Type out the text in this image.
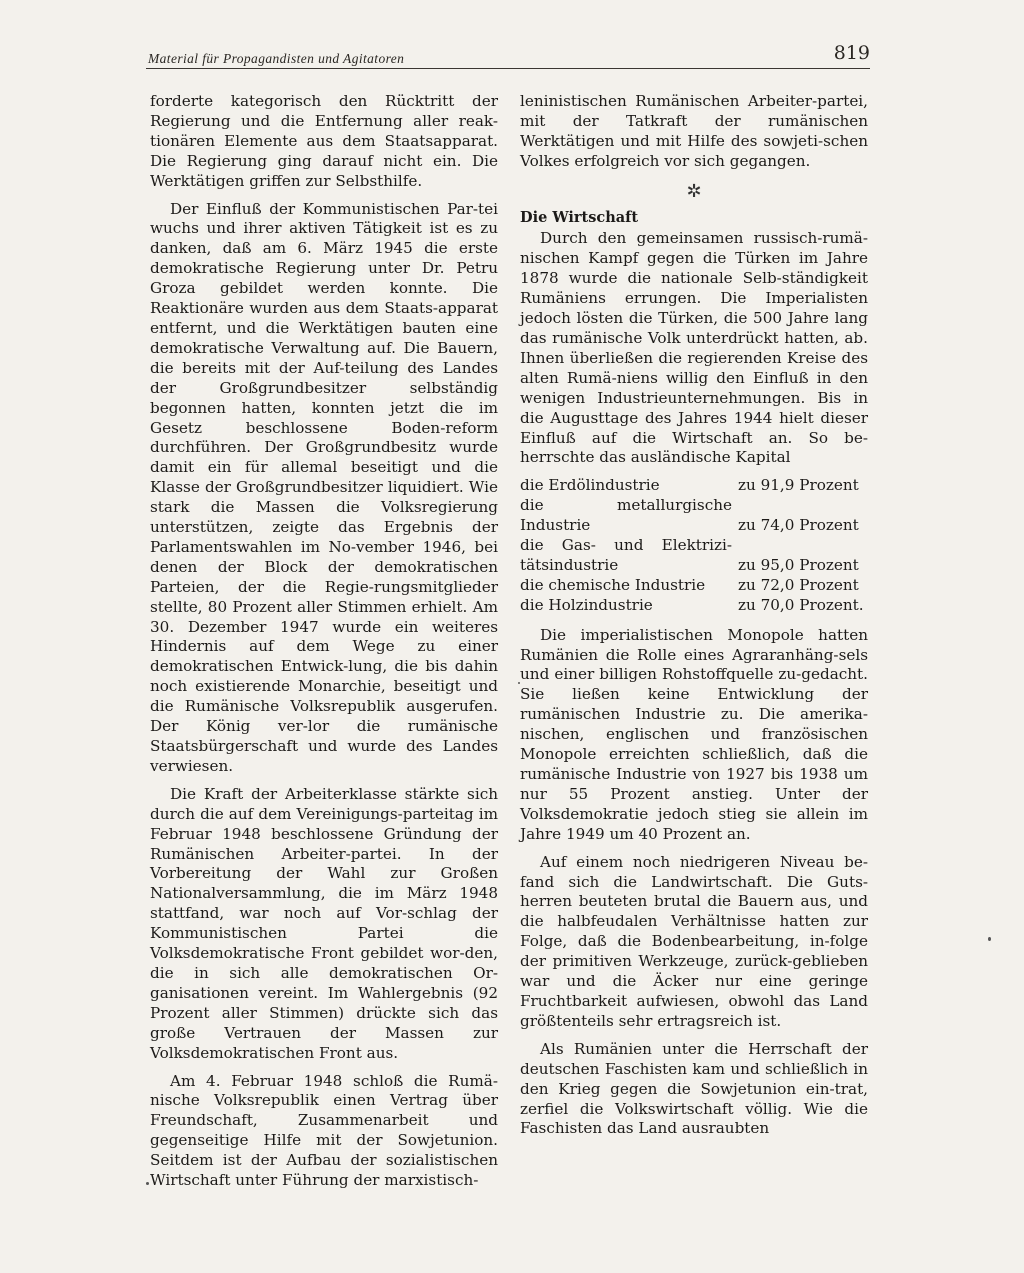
Material für Propagandisten und Agitatoren	819

forderte kategorisch den Rücktritt der Regierung und die Entfernung aller reak-tionären Elemente aus dem Staatsapparat. Die Regierung ging darauf nicht ein. Die Werktätigen griffen zur Selbsthilfe.

Der Einfluß der Kommunistischen Par-tei wuchs und ihrer aktiven Tätigkeit ist es zu danken, daß am 6. März 1945 die erste demokratische Regierung unter Dr. Petru Groza gebildet werden konnte. Die Reaktionäre wurden aus dem Staats-apparat entfernt, und die Werktätigen bauten eine demokratische Verwaltung auf. Die Bauern, die bereits mit der Auf-teilung des Landes der Großgrundbesitzer selbständig begonnen hatten, konnten jetzt die im Gesetz beschlossene Boden-reform durchführen. Der Großgrundbesitz wurde damit ein für allemal beseitigt und die Klasse der Großgrundbesitzer liquidiert. Wie stark die Massen die Volksregierung unterstützen, zeigte das Ergebnis der Parlamentswahlen im No-vember 1946, bei denen der Block der demokratischen Parteien, der die Regie-rungsmitglieder stellte, 80 Prozent aller Stimmen erhielt. Am 30. Dezember 1947 wurde ein weiteres Hindernis auf dem Wege zu einer demokratischen Entwick-lung, die bis dahin noch existierende Monarchie, beseitigt und die Rumänische Volksrepublik ausgerufen. Der König ver-lor die rumänische Staatsbürgerschaft und wurde des Landes verwiesen.

Die Kraft der Arbeiterklasse stärkte sich durch die auf dem Vereinigungs-parteitag im Februar 1948 beschlossene Gründung der Rumänischen Arbeiter-partei. In der Vorbereitung der Wahl zur Großen Nationalversammlung, die im März 1948 stattfand, war noch auf Vor-schlag der Kommunistischen Partei die Volksdemokratische Front gebildet wor-den, die in sich alle demokratischen Or-ganisationen vereint. Im Wahlergebnis (92 Prozent aller Stimmen) drückte sich das große Vertrauen der Massen zur Volksdemokratischen Front aus.

Am 4. Februar 1948 schloß die Rumä-nische Volksrepublik einen Vertrag über Freundschaft, Zusammenarbeit und gegenseitige Hilfe mit der Sowjetunion. Seitdem ist der Aufbau der sozialistischen Wirtschaft unter Führung der marxistisch-

leninistischen Rumänischen Arbeiter-partei, mit der Tatkraft der rumänischen Werktätigen und mit Hilfe des sowjeti-schen Volkes erfolgreich vor sich gegangen.

✲
Die Wirtschaft

Durch den gemeinsamen russisch-rumä-nischen Kampf gegen die Türken im Jahre 1878 wurde die nationale Selb-ständigkeit Rumäniens errungen. Die Imperialisten jedoch lösten die Türken, die 500 Jahre lang das rumänische Volk unterdrückt hatten, ab. Ihnen überließen die regierenden Kreise des alten Rumä-niens willig den Einfluß in den wenigen Industrieunternehmungen. Bis in die Augusttage des Jahres 1944 hielt dieser Einfluß auf die Wirtschaft an. So be-herrschte das ausländische Kapital

die Erdölindustrie	zu 91,9 Prozent
die metallurgische Industrie	zu 74,0 Prozent
die Gas- und Elektrizi-tätsindustrie	zu 95,0 Prozent
die chemische Industrie	zu 72,0 Prozent
die Holzindustrie	zu 70,0 Prozent.

Die imperialistischen Monopole hatten Rumänien die Rolle eines Agraranhäng-sels und einer billigen Rohstoffquelle zu-gedacht. Sie ließen keine Entwicklung der rumänischen Industrie zu. Die amerika-nischen, englischen und französischen Monopole erreichten schließlich, daß die rumänische Industrie von 1927 bis 1938 um nur 55 Prozent anstieg. Unter der Volksdemokratie jedoch stieg sie allein im Jahre 1949 um 40 Prozent an.

Auf einem noch niedrigeren Niveau be-fand sich die Landwirtschaft. Die Guts-herren beuteten brutal die Bauern aus, und die halbfeudalen Verhältnisse hatten zur Folge, daß die Bodenbearbeitung, in-folge der primitiven Werkzeuge, zurück-geblieben war und die Äcker nur eine geringe Fruchtbarkeit aufwiesen, obwohl das Land größtenteils sehr ertragsreich ist.

Als Rumänien unter die Herrschaft der deutschen Faschisten kam und schließlich in den Krieg gegen die Sowjetunion ein-trat, zerfiel die Volkswirtschaft völlig. Wie die Faschisten das Land ausraubten
